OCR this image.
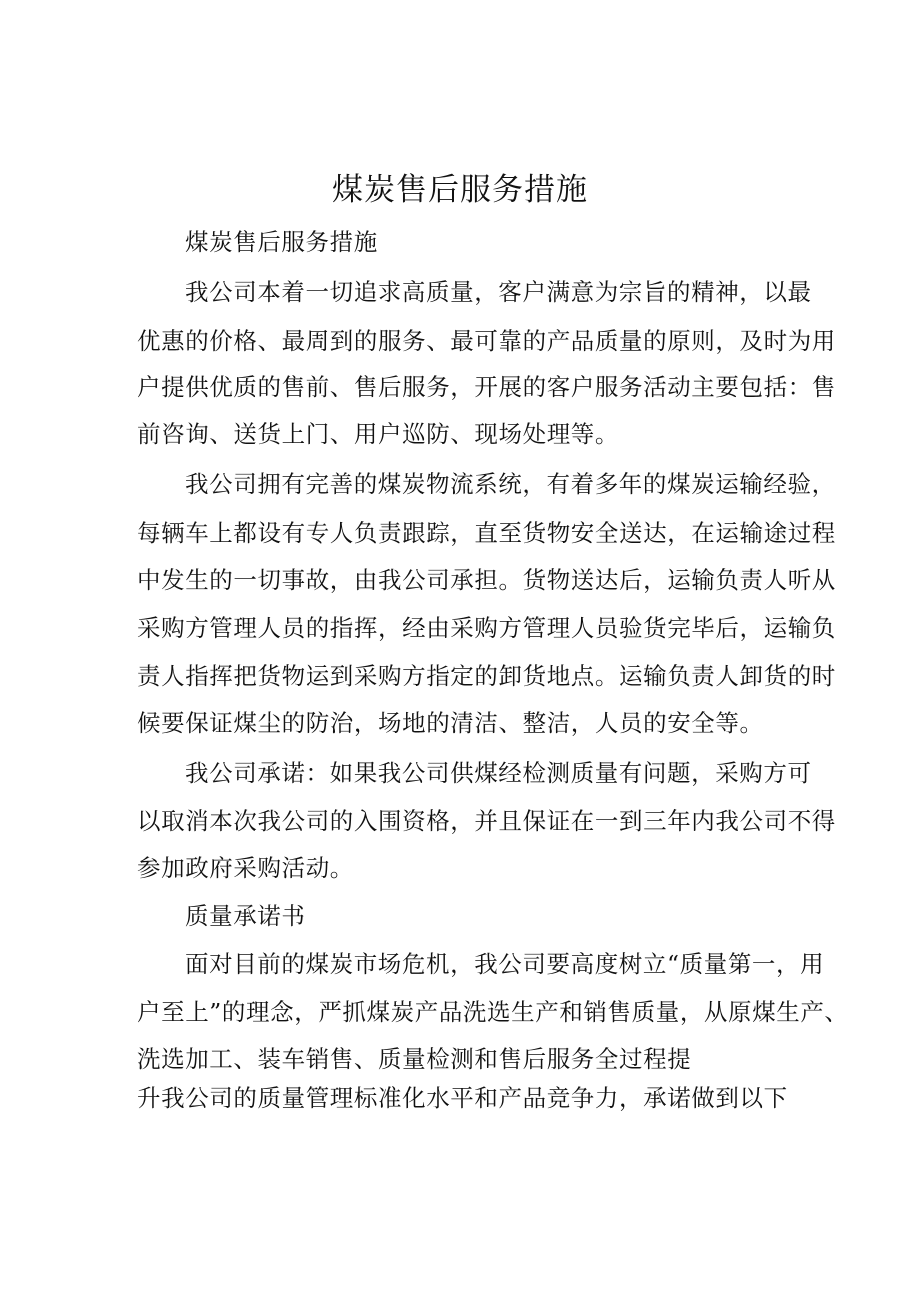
煤炭售后服务措施
煤炭售后服务措施
我公司本着一切追求高质量，客户满意为宗旨的精神，以最
优惠的价格、最周到的服务、最可靠的产品质量的原则，及时为用
户提供优质的售前、售后服务，开展的客户服务活动主要包括：售
前咨询、送货上门、用户巡防、现场处理等。
我公司拥有完善的煤炭物流系统，有着多年的煤炭运输经验，
每辆车上都设有专人负责跟踪，直至货物安全送达，在运输途过程
中发生的一切事故，由我公司承担。货物送达后，运输负责人听从
采购方管理人员的指挥，经由采购方管理人员验货完毕后，运输负
责人指挥把货物运到采购方指定的卸货地点。运输负责人卸货的时
候要保证煤尘的防治，场地的清洁、整洁，人员的安全等。
我公司承诺：如果我公司供煤经检测质量有问题，采购方可
以取消本次我公司的入围资格，并且保证在一到三年内我公司不得
参加政府采购活动。
质量承诺书
面对目前的煤炭市场危机，我公司要高度树立“质量第一，用
户至上”的理念，严抓煤炭产品洗选生产和销售质量，从原煤生产、
洗选加工、装车销售、质量检测和售后服务全过程提
升我公司的质量管理标准化水平和产品竞争力，承诺做到以下
